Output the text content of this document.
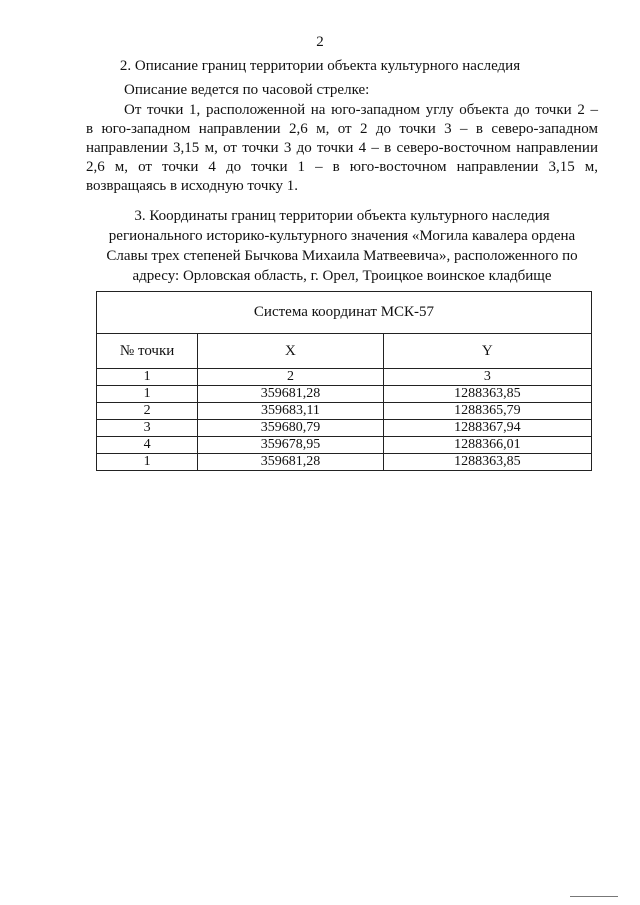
2
2. Описание границ территории объекта культурного наследия
Описание ведется по часовой стрелке:
От точки 1, расположенной на юго-западном углу объекта до точки 2 –
в юго-западном направлении 2,6 м, от 2 до точки 3 – в северо-западном
направлении 3,15 м, от точки 3 до точки 4 – в северо-восточном направлении
2,6 м, от точки 4 до точки 1 – в юго-восточном направлении 3,15 м,
возвращаясь в исходную точку 1.
3. Координаты границ территории объекта культурного наследия
регионального историко-культурного значения «Могила кавалера ордена
Славы трех степеней Бычкова Михаила Матвеевича», расположенного по
адресу: Орловская область, г. Орел, Троицкое воинское кладбище
Система координат МСК-57		
№ точки	X	Y
1	2	3
1	359681,28	1288363,85
2	359683,11	1288365,79
3	359680,79	1288367,94
4	359678,95	1288366,01
1	359681,28	1288363,85
